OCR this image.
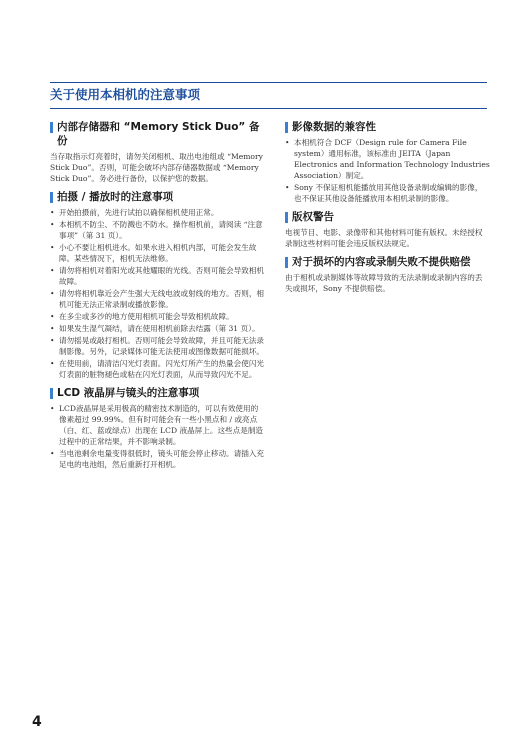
关于使用本相机的注意事项
内部存储器和 “Memory Stick Duo” 备份

当存取指示灯亮着时，请勿关闭相机、取出电池组或 “Memory Stick Duo”。否则，可能会破坏内部存储器数据或 “Memory Stick Duo”。务必进行备份，以保护您的数据。

拍摄 / 播放时的注意事项
• 开始拍摄前，先进行试拍以确保相机使用正常。
• 本相机不防尘、不防溅也不防水。操作相机前，请阅读 “注意事项”（第 31 页）。
• 小心不要让相机进水。如果水进入相机内部，可能会发生故障。某些情况下，相机无法维修。
• 请勿将相机对着阳光或其他耀眼的光线。否则可能会导致相机故障。
• 请勿将相机靠近会产生强大无线电波或射线的地方。否则，相机可能无法正常录制或播放影像。
• 在多尘或多沙的地方使用相机可能会导致相机故障。
• 如果发生湿气凝结，请在使用相机前除去结露（第 31 页）。
• 请勿摇晃或敲打相机。否则可能会导致故障，并且可能无法录制影像。另外，记录媒体可能无法使用或图像数据可能损坏。
• 在使用前，请清洁闪光灯表面。闪光灯所产生的热量会使闪光灯表面的脏物褪色或粘在闪光灯表面，从而导致闪光不足。
LCD 液晶屏与镜头的注意事项
• LCD液晶屏是采用极高的精密技术制造的，可以有效使用的像素超过 99.99%。但有时可能会有一些小黑点和 / 或亮点（白、红、蓝或绿点）出现在 LCD 液晶屏上。这些点是制造过程中的正常结果，并不影响录制。
• 当电池剩余电量变得很低时，镜头可能会停止移动。请插入充足电的电池组，然后重新打开相机。
影像数据的兼容性
• 本相机符合 DCF（Design rule for Camera File system）通用标准，该标准由 JEITA（Japan Electronics and Information Technology Industries Association）制定。
• Sony 不保证相机能播放用其他设备录制或编辑的影像，也不保证其他设备能播放用本相机录制的影像。
版权警告

电视节目、电影、录像带和其他材料可能有版权。未经授权录制这些材料可能会违反版权法规定。

对于损坏的内容或录制失败不提供赔偿

由于相机或录制媒体等故障导致的无法录制或录制内容的丢失或损坏，Sony 不提供赔偿。

4
